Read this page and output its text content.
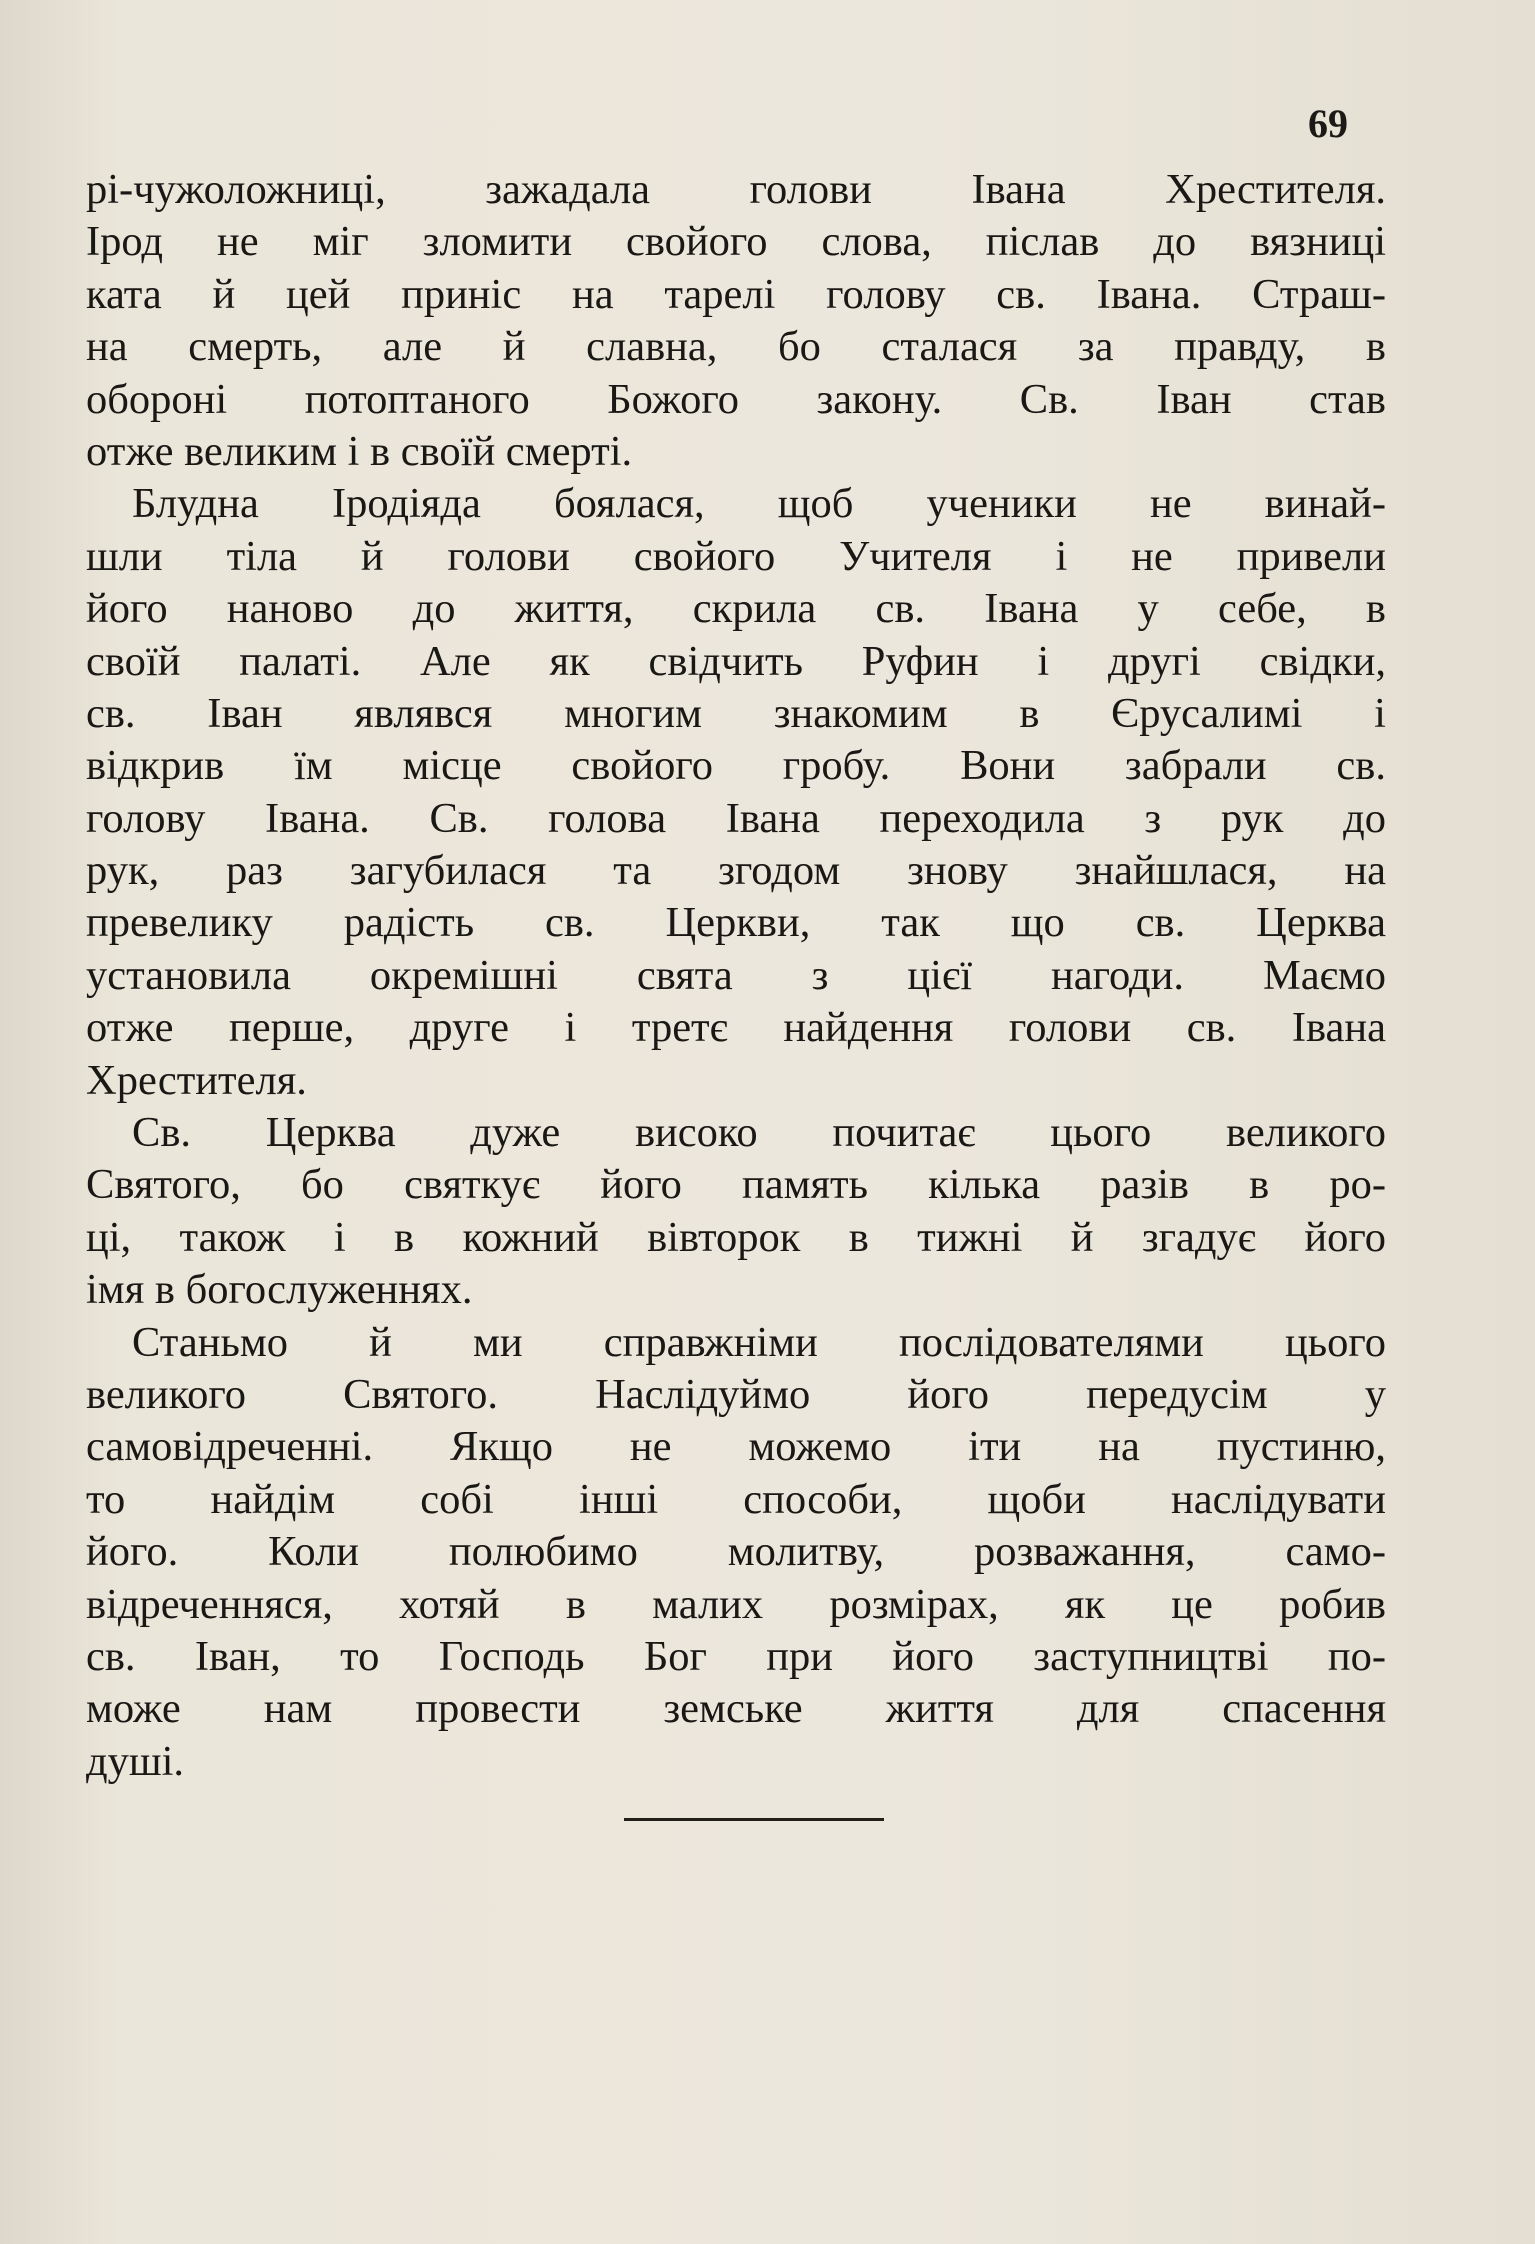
69
рі-чужоложниці, зажадала голови Івана Хрестителя.
Ірод не міг зломити свойого слова, післав до вязниці
ката й цей приніс на тарелі голову св. Івана. Страш-
на смерть, але й славна, бо сталася за правду, в
обороні потоптаного Божого закону. Св. Іван став
отже великим і в своїй смерті.
Блудна Іродіяда боялася, щоб ученики не винай-
шли тіла й голови свойого Учителя і не привели
його наново до життя, скрила св. Івана у себе, в
своїй палаті. Але як свідчить Руфин і другі свідки,
св. Іван являвся многим знакомим в Єрусалимі і
відкрив їм місце свойого гробу. Вони забрали св.
голову Івана. Св. голова Івана переходила з рук до
рук, раз загубилася та згодом знову знайшлася, на
превелику радість св. Церкви, так що св. Церква
установила окремішні свята з цієї нагоди. Маємо
отже перше, друге і третє найдення голови св. Івана
Хрестителя.
Св. Церква дуже високо почитає цього великого
Святого, бо святкує його память кілька разів в ро-
ці, також і в кожний вівторок в тижні й згадує його
імя в богослуженнях.
Станьмо й ми справжніми послідователями цього
великого Святого. Наслідуймо його передусім у
самовідреченні. Якщо не можемо іти на пустиню,
то найдім собі інші способи, щоби наслідувати
його. Коли полюбимо молитву, розважання, само-
відреченняся, хотяй в малих розмірах, як це робив
св. Іван, то Господь Бог при його заступництві по-
може нам провести земське життя для спасення
душі.
